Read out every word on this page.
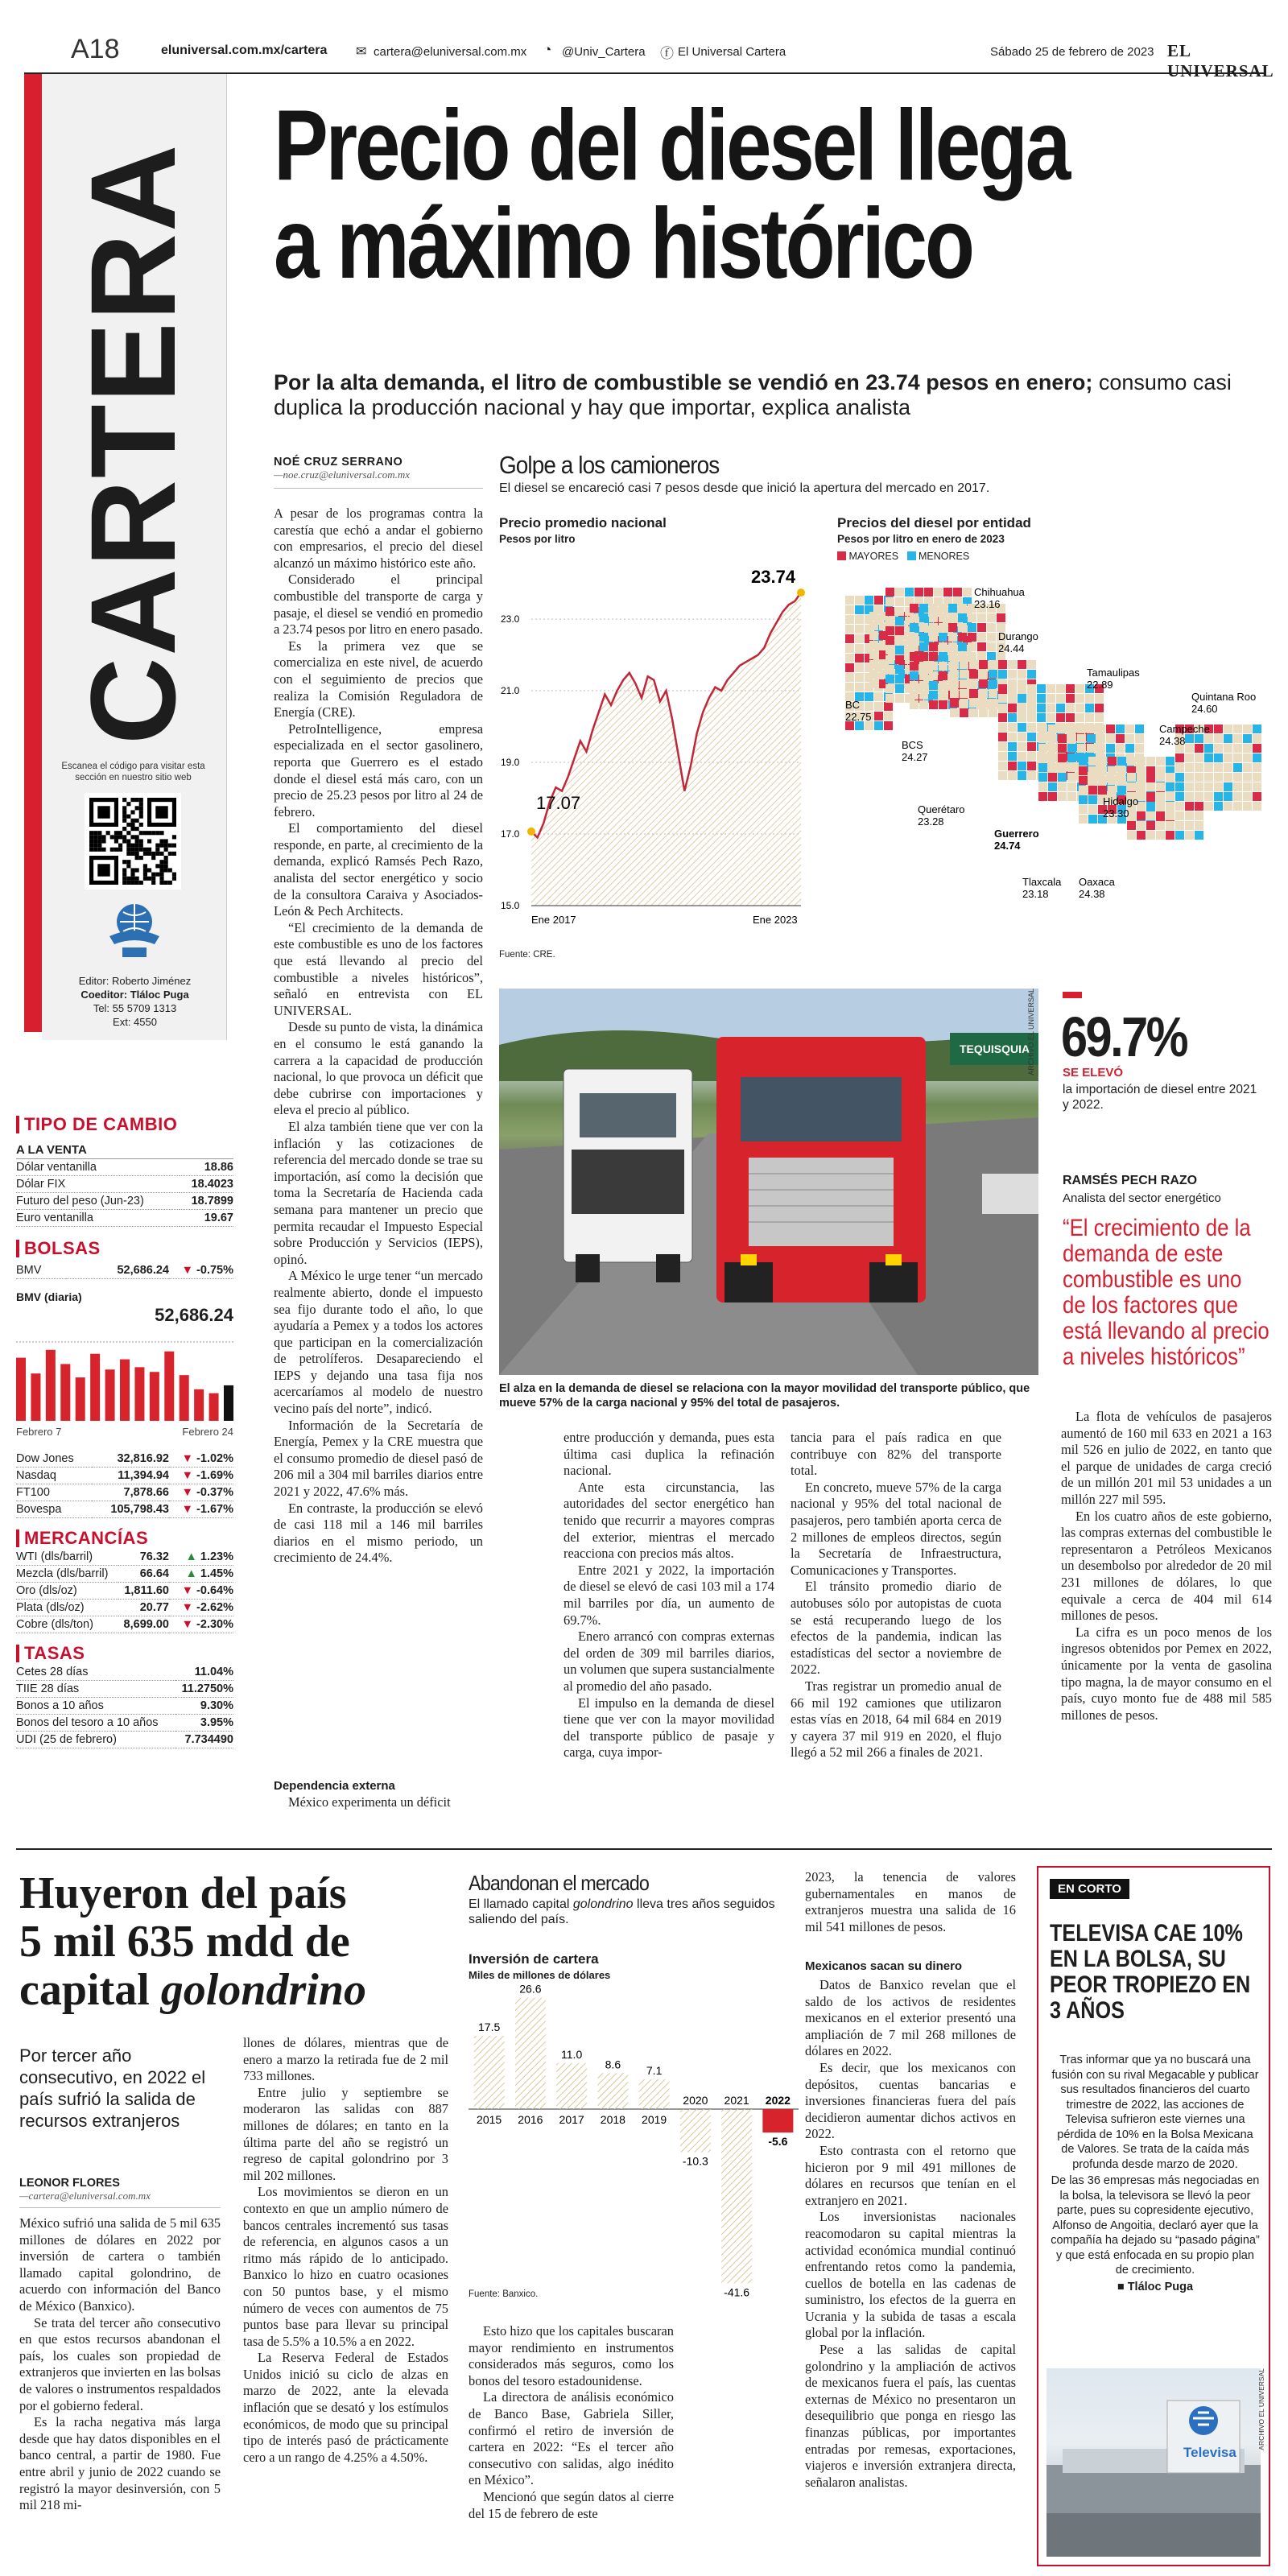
A18	eluniversal.com.mx/cartera ✉ cartera@eluniversal.com.mx ◔ @Univ_Cartera ⓕ El Universal Cartera	Sábado 25 de febrero de 2023 EL UNIVERSAL
CARTERA
Escanea el código para visitar esta sección en nuestro sitio web
Editor: Roberto Jiménez
Coeditor: Tláloc Puga
Tel: 55 5709 1313
Ext: 4550
Precio del diesel llega
a máximo histórico
Por la alta demanda, el litro de combustible se vendió en 23.74 pesos en enero; consumo casi duplica la producción nacional y hay que importar, explica analista
NOÉ CRUZ SERRANO
—noe.cruz@eluniversal.com.mx

A pesar de los programas contra la carestía que echó a andar el gobierno con empresarios, el precio del diesel alcanzó un máximo histórico este año.

Considerado el principal combustible del transporte de carga y pasaje, el diesel se vendió en promedio a 23.74 pesos por litro en enero pasado.

Es la primera vez que se comercializa en este nivel, de acuerdo con el seguimiento de precios que realiza la Comisión Reguladora de Energía (CRE).

PetroIntelligence, empresa especializada en el sector gasolinero, reporta que Guerrero es el estado donde el diesel está más caro, con un precio de 25.23 pesos por litro al 24 de febrero.

El comportamiento del diesel responde, en parte, al crecimiento de la demanda, explicó Ramsés Pech Razo, analista del sector energético y socio de la consultora Caraiva y Asociados-León & Pech Architects.

“El crecimiento de la demanda de este combustible es uno de los factores que está llevando al precio del combustible a niveles históricos”, señaló en entrevista con EL UNIVERSAL.

Desde su punto de vista, la dinámica en el consumo le está ganando la carrera a la capacidad de producción nacional, lo que provoca un déficit que debe cubrirse con importaciones y eleva el precio al público.

El alza también tiene que ver con la inflación y las cotizaciones de referencia del mercado donde se trae su importación, así como la decisión que toma la Secretaría de Hacienda cada semana para mantener un precio que permita recaudar el Impuesto Especial sobre Producción y Servicios (IEPS), opinó.

A México le urge tener “un mercado realmente abierto, donde el impuesto sea fijo durante todo el año, lo que ayudaría a Pemex y a todos los actores que participan en la comercialización de petrolíferos. Desapareciendo el IEPS y dejando una tasa fija nos acercaríamos al modelo de nuestro vecino país del norte”, indicó.

Información de la Secretaría de Energía, Pemex y la CRE muestra que el consumo promedio de diesel pasó de 206 mil a 304 mil barriles diarios entre 2021 y 2022, 47.6% más.

En contraste, la producción se elevó de casi 118 mil a 146 mil barriles diarios en el mismo periodo, un crecimiento de 24.4%.

Dependencia externa

México experimenta un déficit

Golpe a los camioneros
El diesel se encareció casi 7 pesos desde que inició la apertura del mercado en 2017.
Precio promedio nacional
Pesos por litro
15.0
17.0
19.0
21.0
23.0
17.07
23.74
Ene 2017	Ene 2023
Fuente: CRE.
Precios del diesel por entidad
Pesos por litro en enero de 2023
MAYORES MENORES
Chihuahua 23.16
Durango 24.44
Tamaulipas 22.89
Quintana Roo 24.60
Campeche 24.38
BC 22.75
BCS 24.27
Querétaro 23.28
Hidalgo 23.30
Guerrero 24.74
Tlaxcala 23.18
Oaxaca 24.38
TEQUISQUIA
ARCHIVO EL UNIVERSAL
El alza en la demanda de diesel se relaciona con la mayor movilidad del transporte público, que mueve 57% de la carga nacional y 95% del total de pasajeros.
69.7%
SE ELEVÓ
la importación de diesel entre 2021 y 2022.
RAMSÉS PECH RAZO
Analista del sector energético
“El crecimiento de la demanda de este combustible es uno de los factores que está llevando al precio a niveles históricos”

entre producción y demanda, pues esta última casi duplica la refinación nacional.

Ante esta circunstancia, las autoridades del sector energético han tenido que recurrir a mayores compras del exterior, mientras el mercado reacciona con precios más altos.

Entre 2021 y 2022, la importación de diesel se elevó de casi 103 mil a 174 mil barriles por día, un aumento de 69.7%.

Enero arrancó con compras externas del orden de 309 mil barriles diarios, un volumen que supera sustancialmente al promedio del año pasado.

El impulso en la demanda de diesel tiene que ver con la mayor movilidad del transporte público de pasaje y carga, cuya impor-

tancia para el país radica en que contribuye con 82% del transporte total.

En concreto, mueve 57% de la carga nacional y 95% del total nacional de pasajeros, pero también aporta cerca de 2 millones de empleos directos, según la Secretaría de Infraestructura, Comunicaciones y Transportes.

El tránsito promedio diario de autobuses sólo por autopistas de cuota se está recuperando luego de los efectos de la pandemia, indican las estadísticas del sector a noviembre de 2022.

Tras registrar un promedio anual de 66 mil 192 camiones que utilizaron estas vías en 2018, 64 mil 684 en 2019 y cayera 37 mil 919 en 2020, el flujo llegó a 52 mil 266 a finales de 2021.

La flota de vehículos de pasajeros aumentó de 160 mil 633 en 2021 a 163 mil 526 en julio de 2022, en tanto que el parque de unidades de carga creció de un millón 201 mil 53 unidades a un millón 227 mil 595.

En los cuatro años de este gobierno, las compras externas del combustible le representaron a Petróleos Mexicanos un desembolso por alrededor de 20 mil 231 millones de dólares, lo que equivale a cerca de 404 mil 614 millones de pesos.

La cifra es un poco menos de los ingresos obtenidos por Pemex en 2022, únicamente por la venta de gasolina tipo magna, la de mayor consumo en el país, cuyo monto fue de 488 mil 585 millones de pesos.

TIPO DE CAMBIO
A LA VENTA
Dólar ventanilla	18.86
Dólar FIX	18.4023
Futuro del peso (Jun-23)	18.7899
Euro ventanilla	19.67
BOLSAS
BMV	52,686.24	▼ -0.75%
BMV (diaria)
52,686.24
Febrero 7	Febrero 24
Dow Jones	32,816.92	▼ -1.02%
Nasdaq	11,394.94	▼ -1.69%
FT100	7,878.66	▼ -0.37%
Bovespa	105,798.43	▼ -1.67%
MERCANCÍAS
WTI (dls/barril)	76.32	▲ 1.23%
Mezcla (dls/barril)	66.64	▲ 1.45%
Oro (dls/oz)	1,811.60	▼ -0.64%
Plata (dls/oz)	20.77	▼ -2.62%
Cobre (dls/ton)	8,699.00	▼ -2.30%
TASAS
Cetes 28 días	11.04%
TIIE 28 días	11.2750%
Bonos a 10 años	9.30%
Bonos del tesoro a 10 años	3.95%
UDI (25 de febrero)	7.734490
Huyeron del país
5 mil 635 mdd de
capital golondrino
Por tercer año consecutivo, en 2022 el país sufrió la salida de recursos extranjeros
LEONOR FLORES
—cartera@eluniversal.com.mx

México sufrió una salida de 5 mil 635 millones de dólares en 2022 por inversión de cartera o también llamado capital golondrino, de acuerdo con información del Banco de México (Banxico).

Se trata del tercer año consecutivo en que estos recursos abandonan el país, los cuales son propiedad de extranjeros que invierten en las bolsas de valores o instrumentos respaldados por el gobierno federal.

Es la racha negativa más larga desde que hay datos disponibles en el banco central, a partir de 1980. Fue entre abril y junio de 2022 cuando se registró la mayor desinversión, con 5 mil 218 mi-

llones de dólares, mientras que de enero a marzo la retirada fue de 2 mil 733 millones.

Entre julio y septiembre se moderaron las salidas con 887 millones de dólares; en tanto en la última parte del año se registró un regreso de capital golondrino por 3 mil 202 millones.

Los movimientos se dieron en un contexto en que un amplio número de bancos centrales incrementó sus tasas de referencia, en algunos casos a un ritmo más rápido de lo anticipado. Banxico lo hizo en cuatro ocasiones con 50 puntos base, y el mismo número de veces con aumentos de 75 puntos base para llevar su principal tasa de 5.5% a 10.5% a en 2022.

La Reserva Federal de Estados Unidos inició su ciclo de alzas en marzo de 2022, ante la elevada inflación que se desató y los estímulos económicos, de modo que su principal tipo de interés pasó de prácticamente cero a un rango de 4.25% a 4.50%.

Abandonan el mercado
El llamado capital golondrino lleva tres años seguidos saliendo del país.
Inversión de cartera
Miles de millones de dólares
17.5
2015
26.6
2016
11.0
2017
8.6
2018
7.1
2019
-10.3
2020
-41.6
2021
-5.6
2022
Fuente: Banxico.

Esto hizo que los capitales buscaran mayor rendimiento en instrumentos considerados más seguros, como los bonos del tesoro estadounidense.

La directora de análisis económico de Banco Base, Gabriela Siller, confirmó el retiro de inversión de cartera en 2022: “Es el tercer año consecutivo con salidas, algo inédito en México”.

Mencionó que según datos al cierre del 15 de febrero de este

2023, la tenencia de valores gubernamentales en manos de extranjeros muestra una salida de 16 mil 541 millones de pesos.

Mexicanos sacan su dinero

Datos de Banxico revelan que el saldo de los activos de residentes mexicanos en el exterior presentó una ampliación de 7 mil 268 millones de dólares en 2022.

Es decir, que los mexicanos con depósitos, cuentas bancarias e inversiones financieras fuera del país decidieron aumentar dichos activos en 2022.

Esto contrasta con el retorno que hicieron por 9 mil 491 millones de dólares en recursos que tenían en el extranjero en 2021.

Los inversionistas nacionales reacomodaron su capital mientras la actividad económica mundial continuó enfrentando retos como la pandemia, cuellos de botella en las cadenas de suministro, los efectos de la guerra en Ucrania y la subida de tasas a escala global por la inflación.

Pese a las salidas de capital golondrino y la ampliación de activos de mexicanos fuera el país, las cuentas externas de México no presentaron un desequilibrio que ponga en riesgo las finanzas públicas, por importantes entradas por remesas, exportaciones, viajeros e inversión extranjera directa, señalaron analistas.

EN CORTO
TELEVISA CAE 10% EN LA BOLSA, SU PEOR TROPIEZO EN 3 AÑOS

Tras informar que ya no buscará una fusión con su rival Megacable y publicar sus resultados financieros del cuarto trimestre de 2022, las acciones de Televisa sufrieron este viernes una pérdida de 10% en la Bolsa Mexicana de Valores. Se trata de la caída más profunda desde marzo de 2020.

De las 36 empresas más negociadas en la bolsa, la televisora se llevó la peor parte, pues su copresidente ejecutivo, Alfonso de Angoitia, declaró ayer que la compañía ha dejado su “pasado página” y que está enfocada en su propio plan de crecimiento.

■ Tláloc Puga

Televisa
ARCHIVO EL UNIVERSAL
